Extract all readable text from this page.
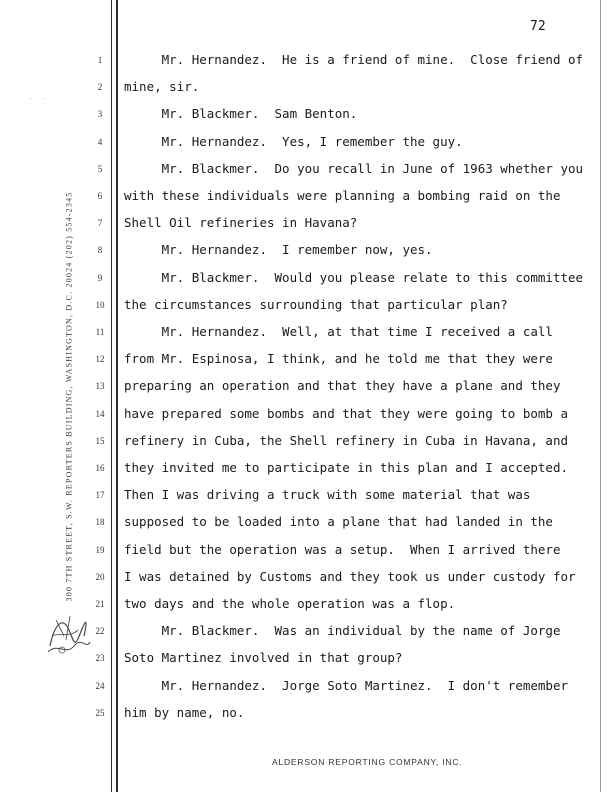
72
· · ·
300 7TH STREET, S.W. REPORTERS BUILDING, WASHINGTON, D.C. 20024 (202) 554-2345
1	Mr. Hernandez.  He is a friend of mine.  Close friend of
2	mine, sir.
3	Mr. Blackmer.  Sam Benton.
4	Mr. Hernandez.  Yes, I remember the guy.
5	Mr. Blackmer.  Do you recall in June of 1963 whether you
6	with these individuals were planning a bombing raid on the
7	Shell Oil refineries in Havana?
8	Mr. Hernandez.  I remember now, yes.
9	Mr. Blackmer.  Would you please relate to this committee
10	the circumstances surrounding that particular plan?
11	Mr. Hernandez.  Well, at that time I received a call
12	from Mr. Espinosa, I think, and he told me that they were
13	preparing an operation and that they have a plane and they
14	have prepared some bombs and that they were going to bomb a
15	refinery in Cuba, the Shell refinery in Cuba in Havana, and
16	they invited me to participate in this plan and I accepted.
17	Then I was driving a truck with some material that was
18	supposed to be loaded into a plane that had landed in the
19	field but the operation was a setup.  When I arrived there
20	I was detained by Customs and they took us under custody for
21	two days and the whole operation was a flop.
22	Mr. Blackmer.  Was an individual by the name of Jorge
23	Soto Martinez involved in that group?
24	Mr. Hernandez.  Jorge Soto Martinez.  I don't remember
25	him by name, no.
ALDERSON REPORTING COMPANY, INC.
